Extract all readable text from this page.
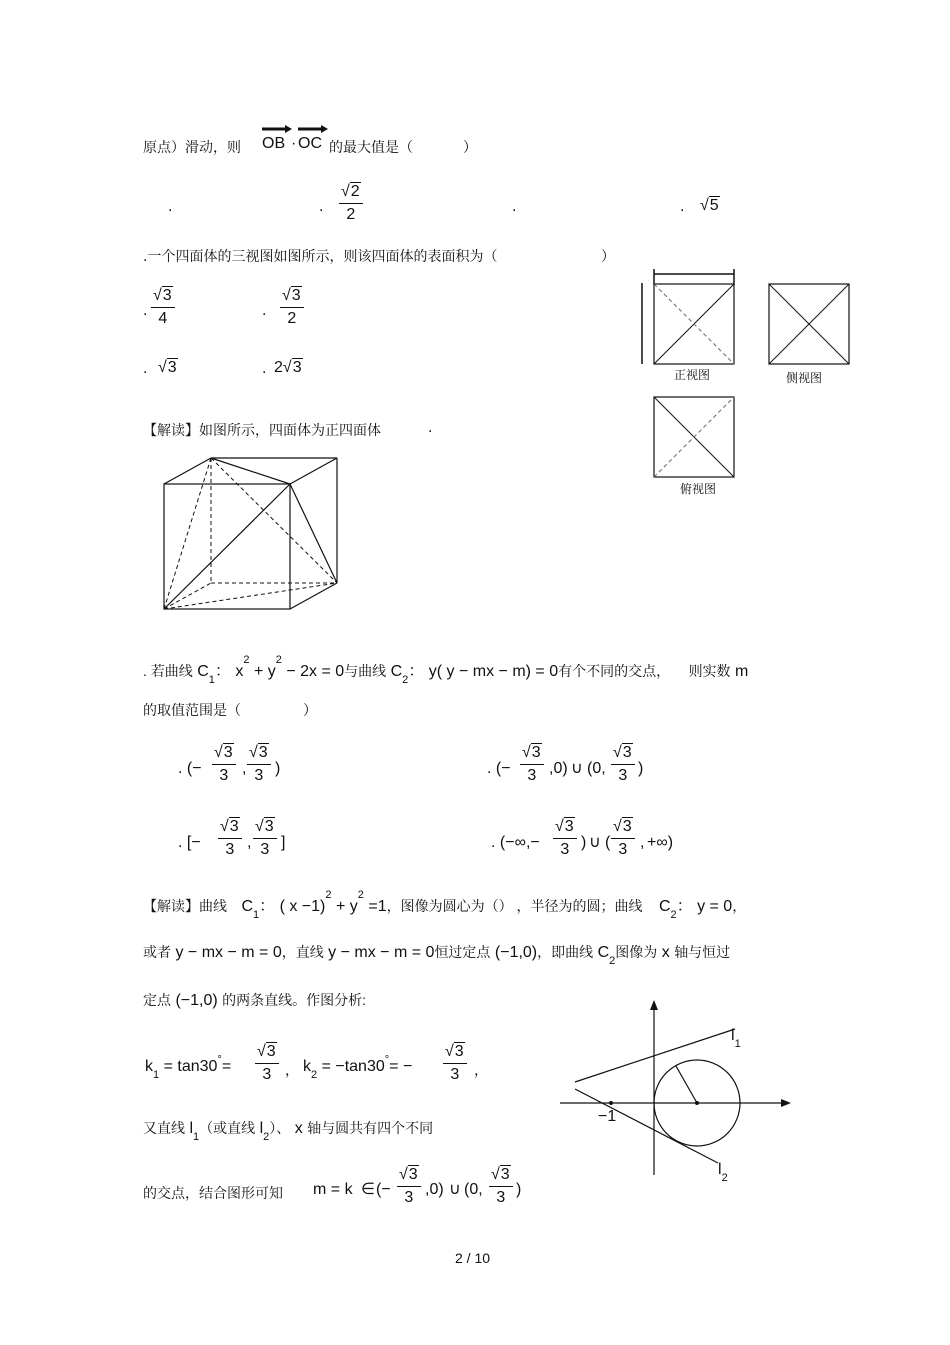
原点）滑动，则 OB · OC 的最大值是（	）
.	. $\frac{√2}{2}$	.	. √5
.一个四面体的三视图如图所示，则该四面体的表面积为（	）
. $\frac{√3}{4}$	. $\frac{√3}{2}$
. √3	. 2√3	正视图	侧视图
俯视图
【解读】如图所示，四面体为正四面体	.
. 若曲线 $C_1$： $x^2 + y^2 - 2x = 0$与曲线 $C_2$： y( y − mx − m) = 0有个不同的交点， 则实数 m
的取值范围是（	）
. (− $\frac{√3}{3}$ , $\frac{√3}{3}$ )	. (− $\frac{√3}{3} ,0$) ∪ (0, $\frac{√3}{3}$ )
. [− $\frac{√3}{3}$ , $\frac{√3}{3}$ ]	. (−∞,− $\frac{√3}{3}$ ) ∪ ( $\frac{√3}{3}$ , +∞)
【解读】曲线 $C_1$： ( $x -1)^2 + y^2 =1$，图像为圆心为（） ，半径为的圆；曲线 $C_2$： y = 0，
或者 y − mx − m = 0，直线 y − mx − m = 0恒过定点 (−1,0)，即曲线 $C_2$图像为 x 轴与恒过
定点 (−1,0) 的两条直线。作图分析:
$k_1 = \tan 30^\circ= \frac{√3}{3}$ ， $k_2 = -\tan 30^\circ= - \frac{√3}{3}$ ，
又直线 $l_1$（或直线 $l_2$）、 x 轴与圆共有四个不同
的交点，结合图形可知 m = k ∈ (− $\frac{√3}{3} ,0$) ∪ (0, $\frac{√3}{3}$ )
$l_1$
$l_2$
−1
2 / 10
